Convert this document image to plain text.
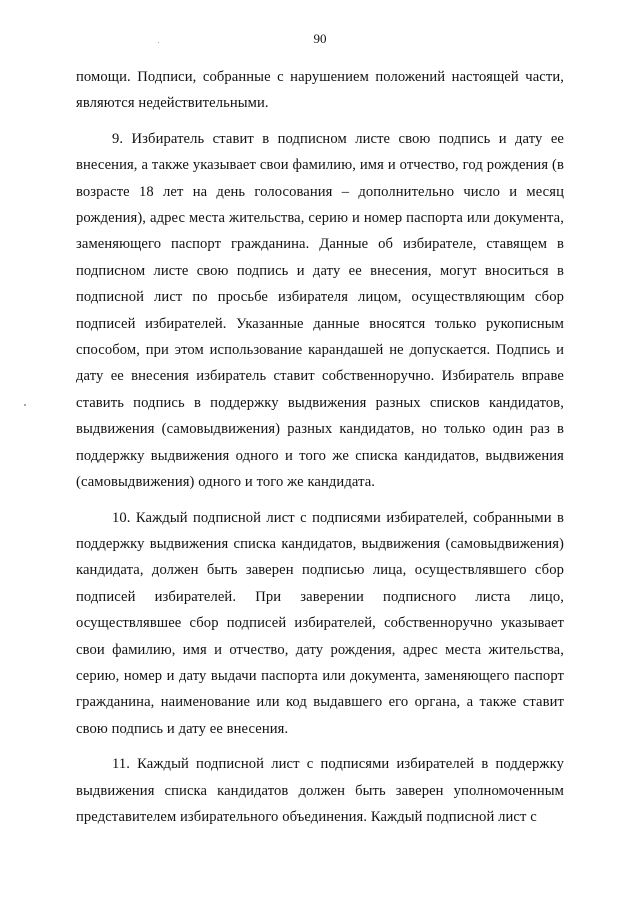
90

помощи. Подписи, собранные с нарушением положений настоящей части, являются недействительными.

9. Избиратель ставит в подписном листе свою подпись и дату ее внесения, а также указывает свои фамилию, имя и отчество, год рождения (в возрасте 18 лет на день голосования – дополнительно число и месяц рождения), адрес места жительства, серию и номер паспорта или документа, заменяющего паспорт гражданина. Данные об избирателе, ставящем в подписном листе свою подпись и дату ее внесения, могут вноситься в подписной лист по просьбе избирателя лицом, осуществляющим сбор подписей избирателей. Указанные данные вносятся только рукописным способом, при этом использование карандашей не допускается. Подпись и дату ее внесения избиратель ставит собственноручно. Избиратель вправе ставить подпись в поддержку выдвижения разных списков кандидатов, выдвижения (самовыдвижения) разных кандидатов, но только один раз в поддержку выдвижения одного и того же списка кандидатов, выдвижения (самовыдвижения) одного и того же кандидата.

10. Каждый подписной лист с подписями избирателей, собранными в поддержку выдвижения списка кандидатов, выдвижения (самовыдвижения) кандидата, должен быть заверен подписью лица, осуществлявшего сбор подписей избирателей. При заверении подписного листа лицо, осуществлявшее сбор подписей избирателей, собственноручно указывает свои фамилию, имя и отчество, дату рождения, адрес места жительства, серию, номер и дату выдачи паспорта или документа, заменяющего паспорт гражданина, наименование или код выдавшего его органа, а также ставит свою подпись и дату ее внесения.

11. Каждый подписной лист с подписями избирателей в поддержку выдвижения списка кандидатов должен быть заверен уполномоченным представителем избирательного объединения. Каждый подписной лист с
